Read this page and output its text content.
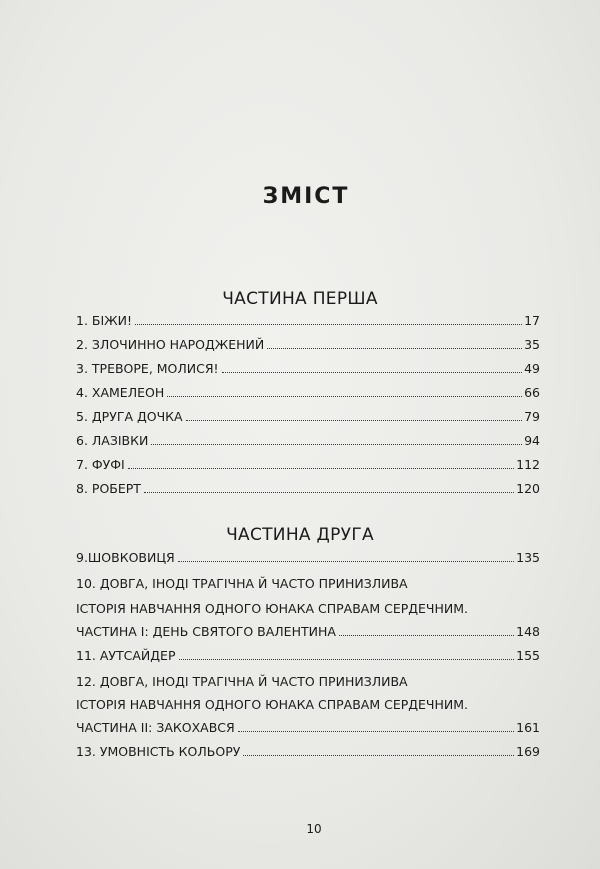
ЗМІСТ
ЧАСТИНА ПЕРША
1. БІЖИ!	17
2. ЗЛОЧИННО НАРОДЖЕНИЙ	35
3. ТРЕВОРЕ, МОЛИСЯ!	49
4. ХАМЕЛЕОН	66
5. ДРУГА ДОЧКА	79
6. ЛАЗІВКИ	94
7. ФУФІ	112
8. РОБЕРТ	120
ЧАСТИНА ДРУГА
9.ШОВКОВИЦЯ	135
10. ДОВГА, ІНОДІ ТРАГІЧНА Й ЧАСТО ПРИНИЗЛИВА
ІСТОРІЯ НАВЧАННЯ ОДНОГО ЮНАКА СПРАВАМ СЕРДЕЧНИМ.
ЧАСТИНА І: ДЕНЬ СВЯТОГО ВАЛЕНТИНА	148
11. АУТСАЙДЕР	155
12. ДОВГА, ІНОДІ ТРАГІЧНА Й ЧАСТО ПРИНИЗЛИВА
ІСТОРІЯ НАВЧАННЯ ОДНОГО ЮНАКА СПРАВАМ СЕРДЕЧНИМ.
ЧАСТИНА ІІ: ЗАКОХАВСЯ	161
13. УМОВНІСТЬ КОЛЬОРУ	169
10
